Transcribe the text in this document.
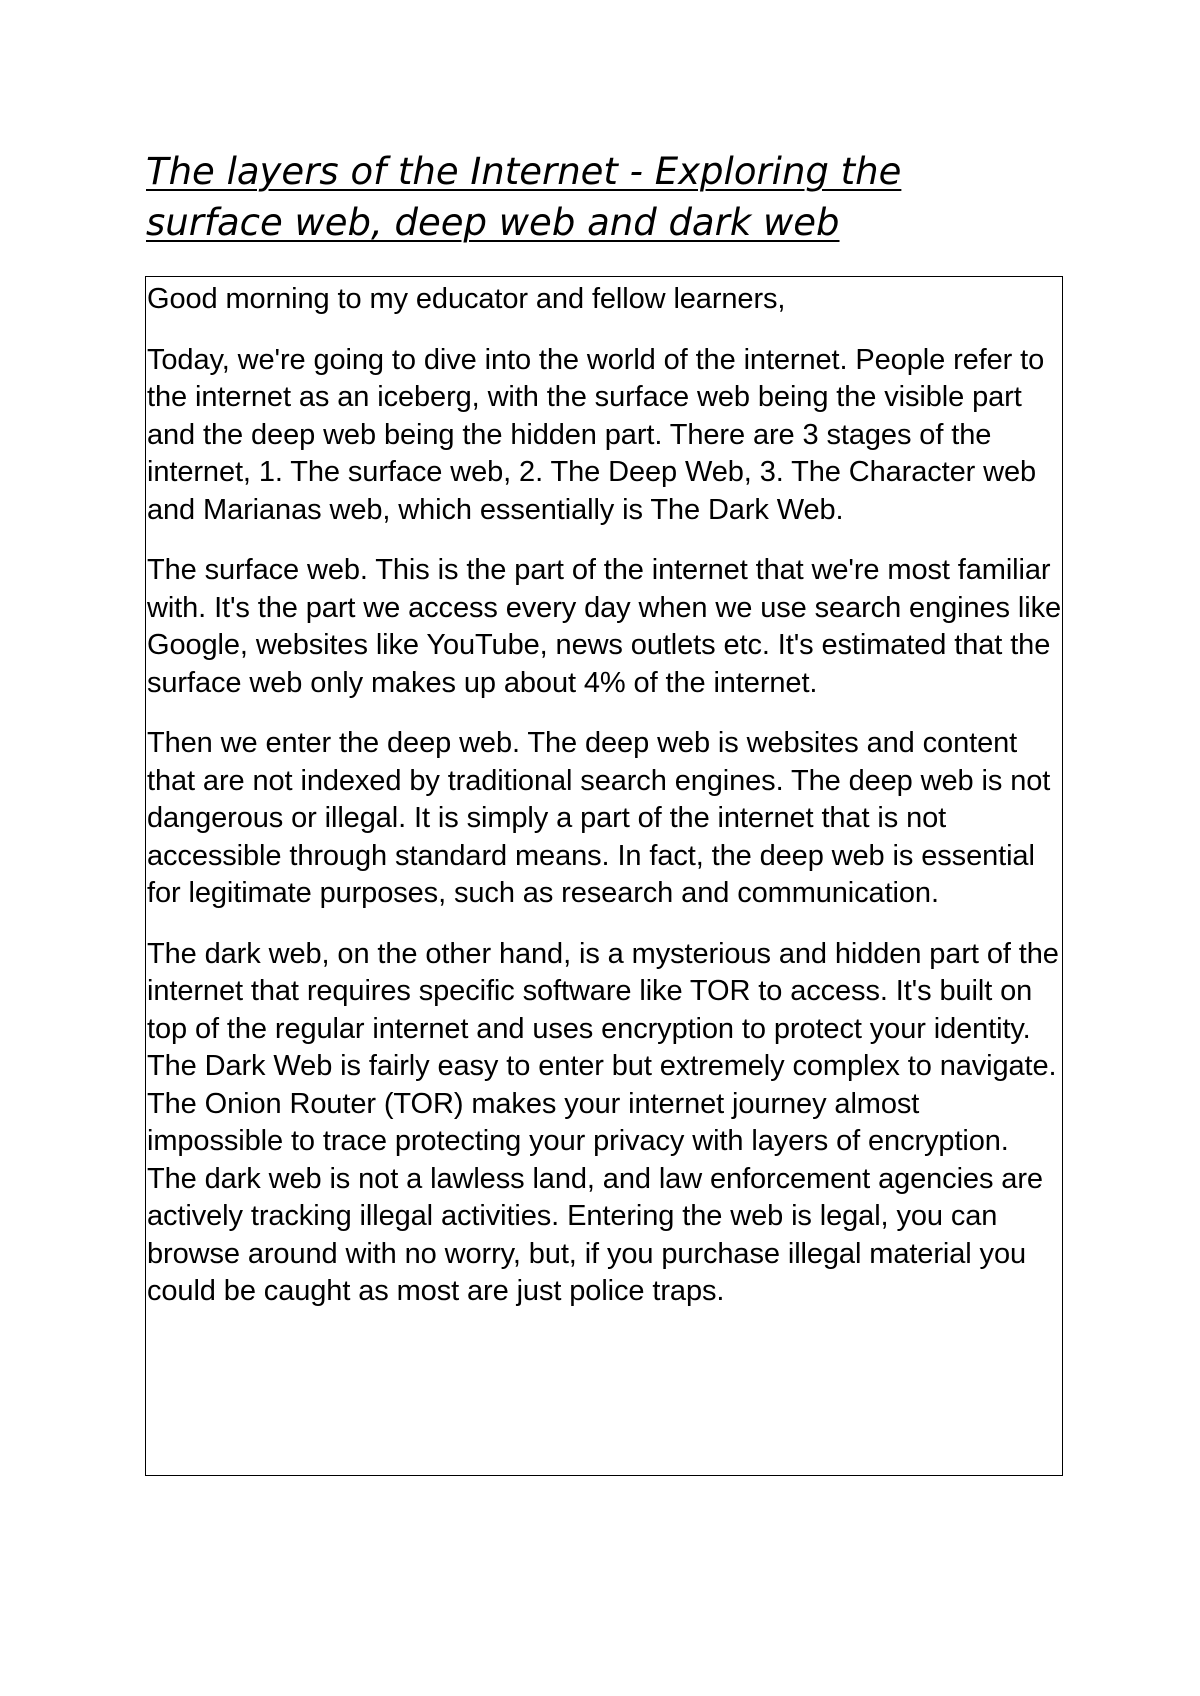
The layers of the Internet - Exploring the
surface web, deep web and dark web

Good morning to my educator and fellow learners,

Today, we're going to dive into the world of the internet. People refer to the internet as an iceberg, with the surface web being the visible part and the deep web being the hidden part. There are 3 stages of the internet, 1. The surface web, 2. The Deep Web, 3. The Character web and Marianas web, which essentially is The Dark Web.

The surface web. This is the part of the internet that we're most familiar with. It's the part we access every day when we use search engines like Google, websites like YouTube, news outlets etc. It's estimated that the surface web only makes up about 4% of the internet.

Then we enter the deep web. The deep web is websites and content that are not indexed by traditional search engines. The deep web is not dangerous or illegal. It is simply a part of the internet that is not accessible through standard means. In fact, the deep web is essential for legitimate purposes, such as research and communication.

The dark web, on the other hand, is a mysterious and hidden part of the internet that requires specific software like TOR to access. It's built on top of the regular internet and uses encryption to protect your identity. The Dark Web is fairly easy to enter but extremely complex to navigate. The Onion Router (TOR) makes your internet journey almost impossible to trace protecting your privacy with layers of encryption. The dark web is not a lawless land, and law enforcement agencies are actively tracking illegal activities. Entering the web is legal, you can browse around with no worry, but, if you purchase illegal material you could be caught as most are just police traps.
